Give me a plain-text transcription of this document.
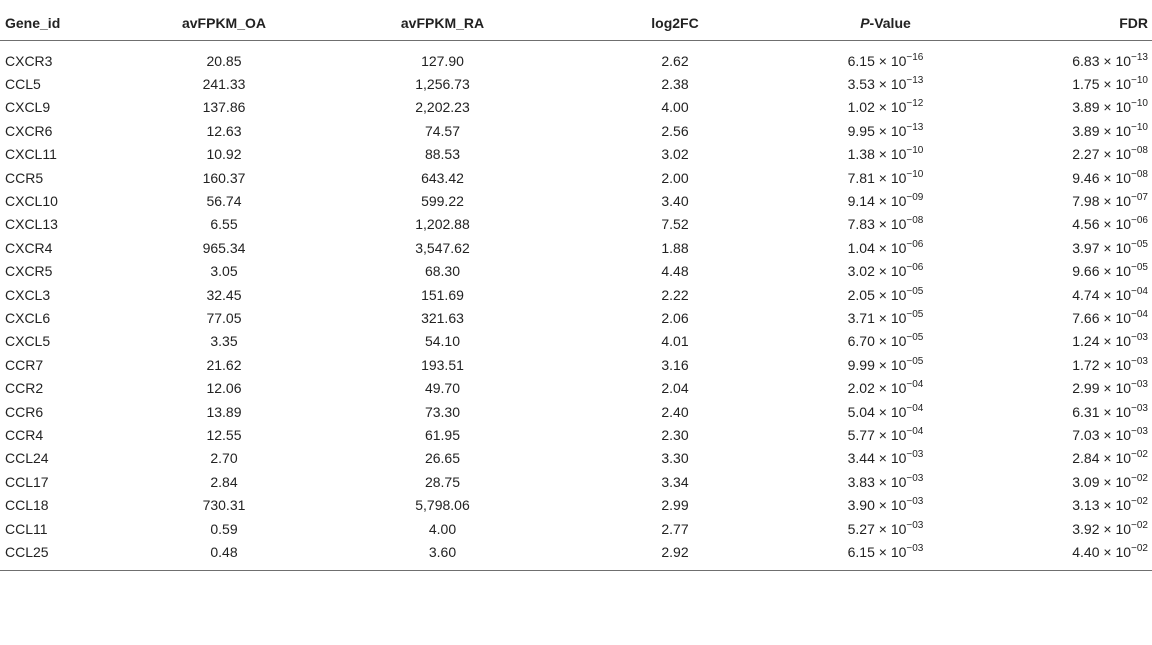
Gene_id	avFPKM_OA	avFPKM_RA	log2FC	P-Value	FDR
CXCR3	20.85	127.90	2.62	$6.15 \times 10^{-16}$	$6.83 \times 10^{-13}$
CCL5	241.33	1,256.73	2.38	$3.53 \times 10^{-13}$	$1.75 \times 10^{-10}$
CXCL9	137.86	2,202.23	4.00	$1.02 \times 10^{-12}$	$3.89 \times 10^{-10}$
CXCR6	12.63	74.57	2.56	$9.95 \times 10^{-13}$	$3.89 \times 10^{-10}$
CXCL11	10.92	88.53	3.02	$1.38 \times 10^{-10}$	$2.27 \times 10^{-08}$
CCR5	160.37	643.42	2.00	$7.81 \times 10^{-10}$	$9.46 \times 10^{-08}$
CXCL10	56.74	599.22	3.40	$9.14 \times 10^{-09}$	$7.98 \times 10^{-07}$
CXCL13	6.55	1,202.88	7.52	$7.83 \times 10^{-08}$	$4.56 \times 10^{-06}$
CXCR4	965.34	3,547.62	1.88	$1.04 \times 10^{-06}$	$3.97 \times 10^{-05}$
CXCR5	3.05	68.30	4.48	$3.02 \times 10^{-06}$	$9.66 \times 10^{-05}$
CXCL3	32.45	151.69	2.22	$2.05 \times 10^{-05}$	$4.74 \times 10^{-04}$
CXCL6	77.05	321.63	2.06	$3.71 \times 10^{-05}$	$7.66 \times 10^{-04}$
CXCL5	3.35	54.10	4.01	$6.70 \times 10^{-05}$	$1.24 \times 10^{-03}$
CCR7	21.62	193.51	3.16	$9.99 \times 10^{-05}$	$1.72 \times 10^{-03}$
CCR2	12.06	49.70	2.04	$2.02 \times 10^{-04}$	$2.99 \times 10^{-03}$
CCR6	13.89	73.30	2.40	$5.04 \times 10^{-04}$	$6.31 \times 10^{-03}$
CCR4	12.55	61.95	2.30	$5.77 \times 10^{-04}$	$7.03 \times 10^{-03}$
CCL24	2.70	26.65	3.30	$3.44 \times 10^{-03}$	$2.84 \times 10^{-02}$
CCL17	2.84	28.75	3.34	$3.83 \times 10^{-03}$	$3.09 \times 10^{-02}$
CCL18	730.31	5,798.06	2.99	$3.90 \times 10^{-03}$	$3.13 \times 10^{-02}$
CCL11	0.59	4.00	2.77	$5.27 \times 10^{-03}$	$3.92 \times 10^{-02}$
CCL25	0.48	3.60	2.92	$6.15 \times 10^{-03}$	$4.40 \times 10^{-02}$
